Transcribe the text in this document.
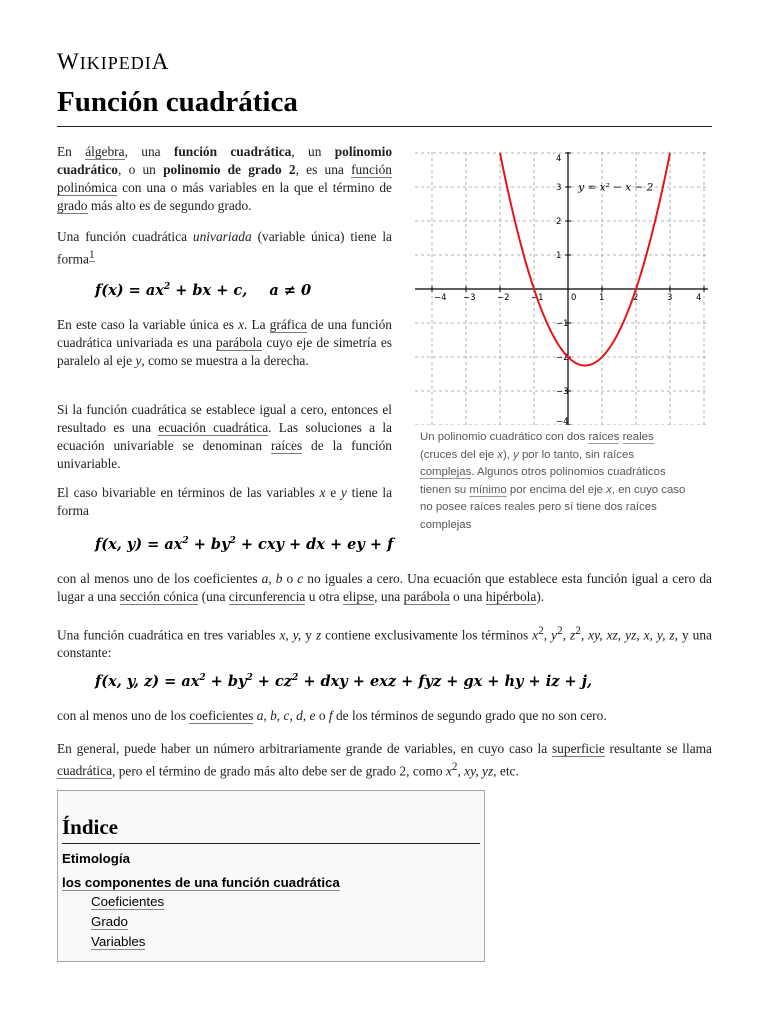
WIKIPEDIA
Función cuadrática
En álgebra, una función cuadrática, un polinomio cuadrático, o un polinomio de grado 2, es una función polinómica con una o más variables en la que el término de grado más alto es de segundo grado.
Una función cuadrática univariada (variable única) tiene la forma$^1$
$f(x) = ax^2$ + bx + c, a ≠ 0
En este caso la variable única es x. La gráfica de una función cuadrática univariada es una parábola cuyo eje de simetría es paralelo al eje y, como se muestra a la derecha.
Si la función cuadrática se establece igual a cero, entonces el resultado es una ecuación cuadrática. Las soluciones a la ecuación univariable se denominan raíces de la función univariable.
El caso bivariable en términos de las variables x e y tiene la forma
f(x, $y) = ax^2 + by^2$ + cxy + dx + ey + f
−4 −3	−2	−1	0	1	2	3	4
4
3
2
1
−1
−2
−3
−4
y = x² − x − 2
Un polinomio cuadrático con dos raíces reales (cruces del eje x), y por lo tanto, sin raíces complejas. Algunos otros polinomios cuadráticos tienen su mínimo por encima del eje x, en cuyo caso no posee raíces reales pero sí tiene dos raíces complejas
con al menos uno de los coeficientes a, b o c no iguales a cero. Una ecuación que establece esta función igual a cero da lugar a una sección cónica (una circunferencia u otra elipse, una parábola o una hipérbola).
Una función cuadrática en tres variables x, y, y z contiene exclusivamente los términos $x^2$, $y^2$, $z^2$, xy, xz, yz, x, y, z, y una constante:
f(x, y, $z) = ax^2 + by^2 + cz^2$ + dxy + exz + fyz + gx + hy + iz + j,
con al menos uno de los coeficientes a, b, c, d, e o f de los términos de segundo grado que no son cero.
En general, puede haber un número arbitrariamente grande de variables, en cuyo caso la superficie resultante se llama cuadrática, pero el término de grado más alto debe ser de grado 2, como $x^2$, xy, yz, etc.
Índice
Etimología
los componentes de una función cuadrática
Coeficientes
Grado
Variables
